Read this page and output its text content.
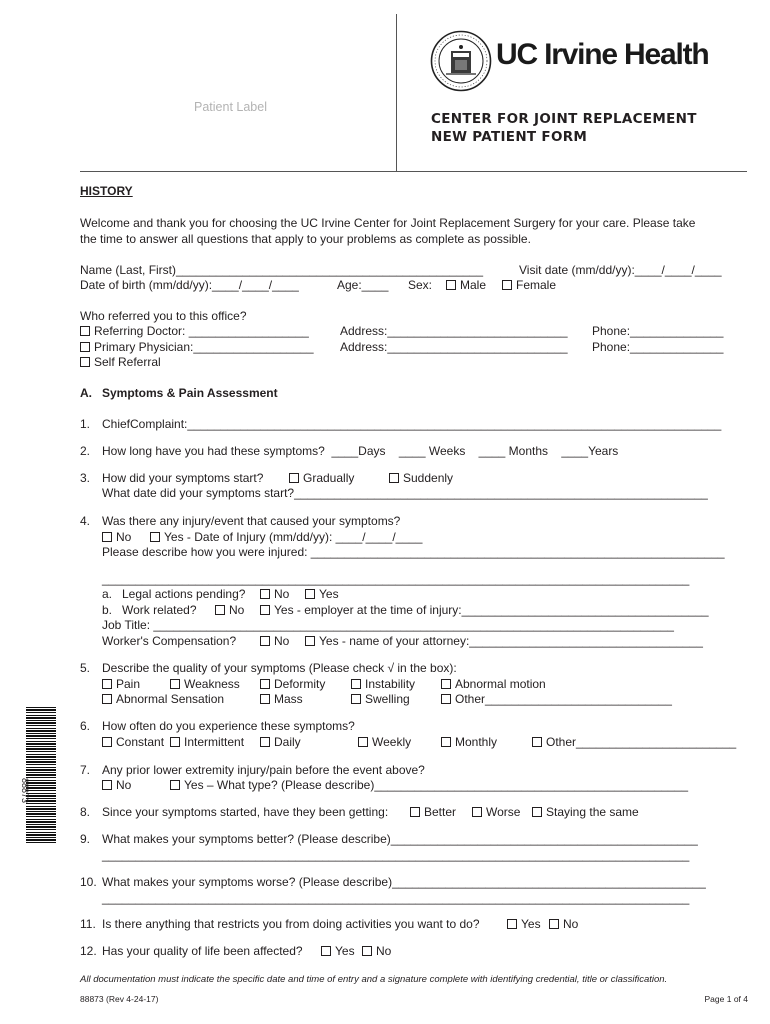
Patient Label
UC Irvine Health
CENTER FOR JOINT REPLACEMENT
NEW PATIENT FORM
HISTORY
Welcome and thank you for choosing the UC Irvine Center for Joint Replacement Surgery for your care. Please take
the time to answer all questions that apply to your problems as complete as possible.
Name (Last, First)______________________________________________	Visit date (mm/dd/yy):____/____/____
Date of birth (mm/dd/yy):____/____/____	Age:____ Sex:	Male	Female
Who referred you to this office?
Referring Doctor: __________________	Address:___________________________ Phone:______________
Primary Physician:__________________ Address:___________________________ Phone:______________
Self Referral
A.   Symptoms & Pain Assessment
1. ChiefComplaint:________________________________________________________________________________
2. How long have you had these symptoms?  ____Days    ____ Weeks    ____ Months    ____Years
3. How did your symptoms start?	Gradually	Suddenly
What date did your symptoms start?______________________________________________________________
4. Was there any injury/event that caused your symptoms?
No	Yes - Date of Injury (mm/dd/yy): ____/____/____
Please describe how you were injured: ______________________________________________________________
________________________________________________________________________________________
a.   Legal actions pending?	No	Yes
b.   Work related?	No	Yes - employer at the time of injury:_____________________________________
Job Title: ______________________________________________________________________________
Worker's Compensation?	No	Yes - name of your attorney:___________________________________
5. Describe the quality of your symptoms (Please check √ in the box):
Pain	Weakness	Deformity	Instability	Abnormal motion
Abnormal Sensation	Mass	Swelling	Other____________________________
6. How often do you experience these symptoms?
Constant	Intermittent	Daily	Weekly	Monthly	Other________________________
7. Any prior lower extremity injury/pain before the event above?
No	Yes – What type? (Please describe)_______________________________________________
8. Since your symptoms started, have they been getting:	Better	Worse	Staying the same
9. What makes your symptoms better? (Please describe)______________________________________________
________________________________________________________________________________________
10. What makes your symptoms worse? (Please describe)_______________________________________________
________________________________________________________________________________________
11. Is there anything that restricts you from doing activities you want to do?	Yes	No
12. Has your quality of life been affected?	Yes	No
All documentation must indicate the specific date and time of entry and a signature complete with identifying credential, title or classification.
88873 (Rev 4-24-17)	Page 1 of 4
88873
